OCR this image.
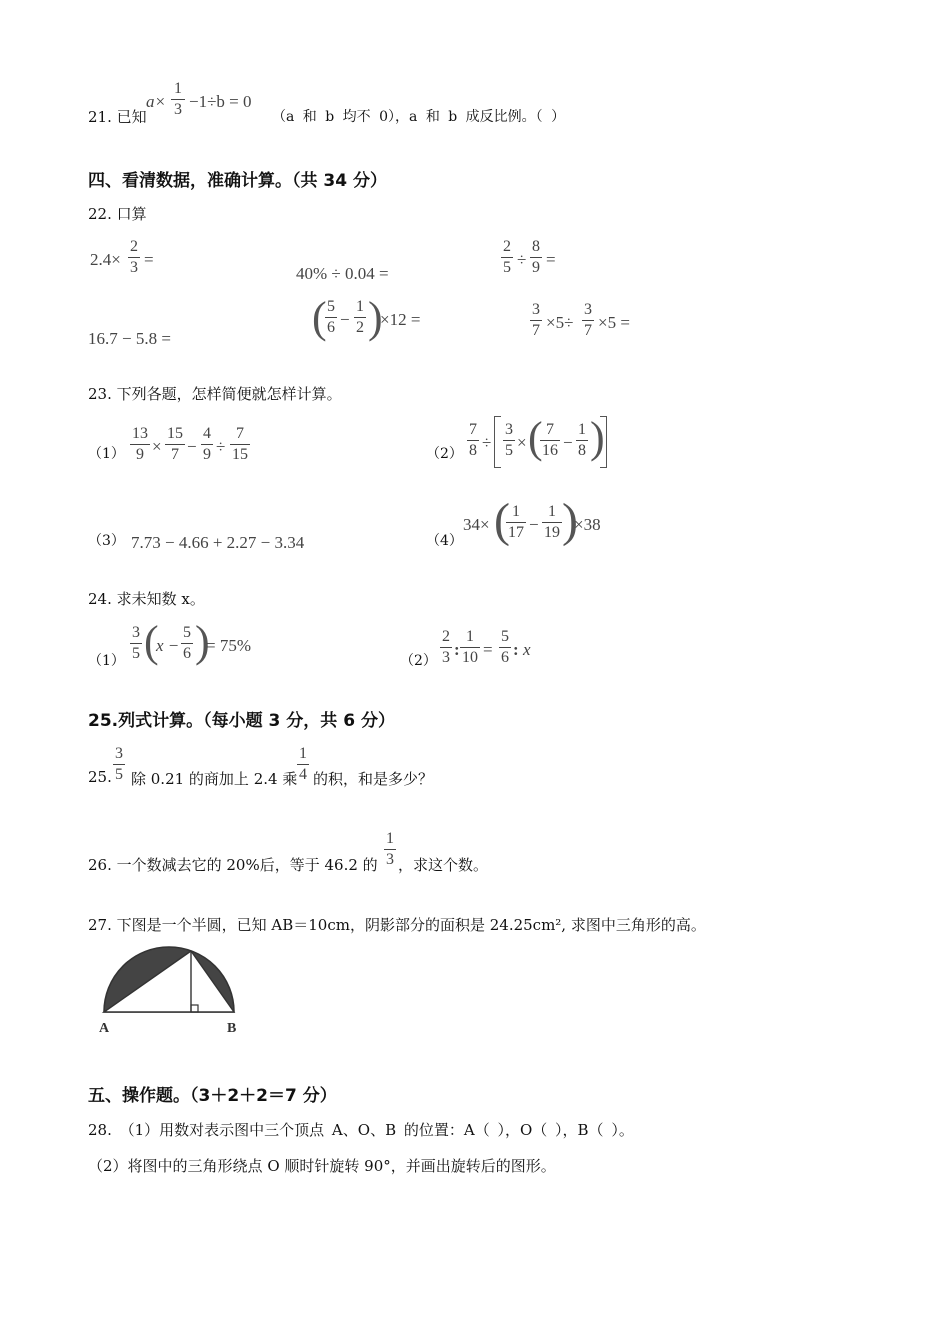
21. 已知
a×
1
3 −1÷b = 0
（a 和 b 均不 0），a 和 b 成反比例。（ ）
四、看清数据，准确计算。（共 34 分）
22. 口算
2.4×
2
3 =
40% ÷ 0.04 =
2
5 ÷
8
9 =
16.7 − 5.8 =	( 5
6 −
1
2 )
×12 =
3
7 ×5÷
3
7 ×5 =
23. 下列各题，怎样简便就怎样计算。
（1）
13
9 ×
15
7 −
4
9 ÷
7
15	（2）
7
8 ÷
3
5 × ( 7
16 −
1
8 )
（3） 7.73 − 4.66 + 2.27 − 3.34	（4）
34× ( 1
17 −
1
19 )
×38
24. 求未知数 x。
（1）
3
5 (
x −
5
6 )
= 75%
（2）
2
3 :
1
10 =
5
6 : x
25.列式计算。（每小题 3 分，共 6 分）
25.
3
5 除 0.21 的商加上 2.4 乘
1
4 的积，和是多少？
26. 一个数减去它的 20%后，等于 46.2 的
1
3 ，求这个数。
27. 下图是一个半圆，已知 AB＝10cm，阴影部分的面积是 24.25cm², 求图中三角形的高。
A	B
五、操作题。（3＋2＋2＝7 分）
28. （1）用数对表示图中三个顶点 A、O、B 的位置：A（ ），O（ ），B（ ）。
（2）将图中的三角形绕点 O 顺时针旋转 90°，并画出旋转后的图形。
